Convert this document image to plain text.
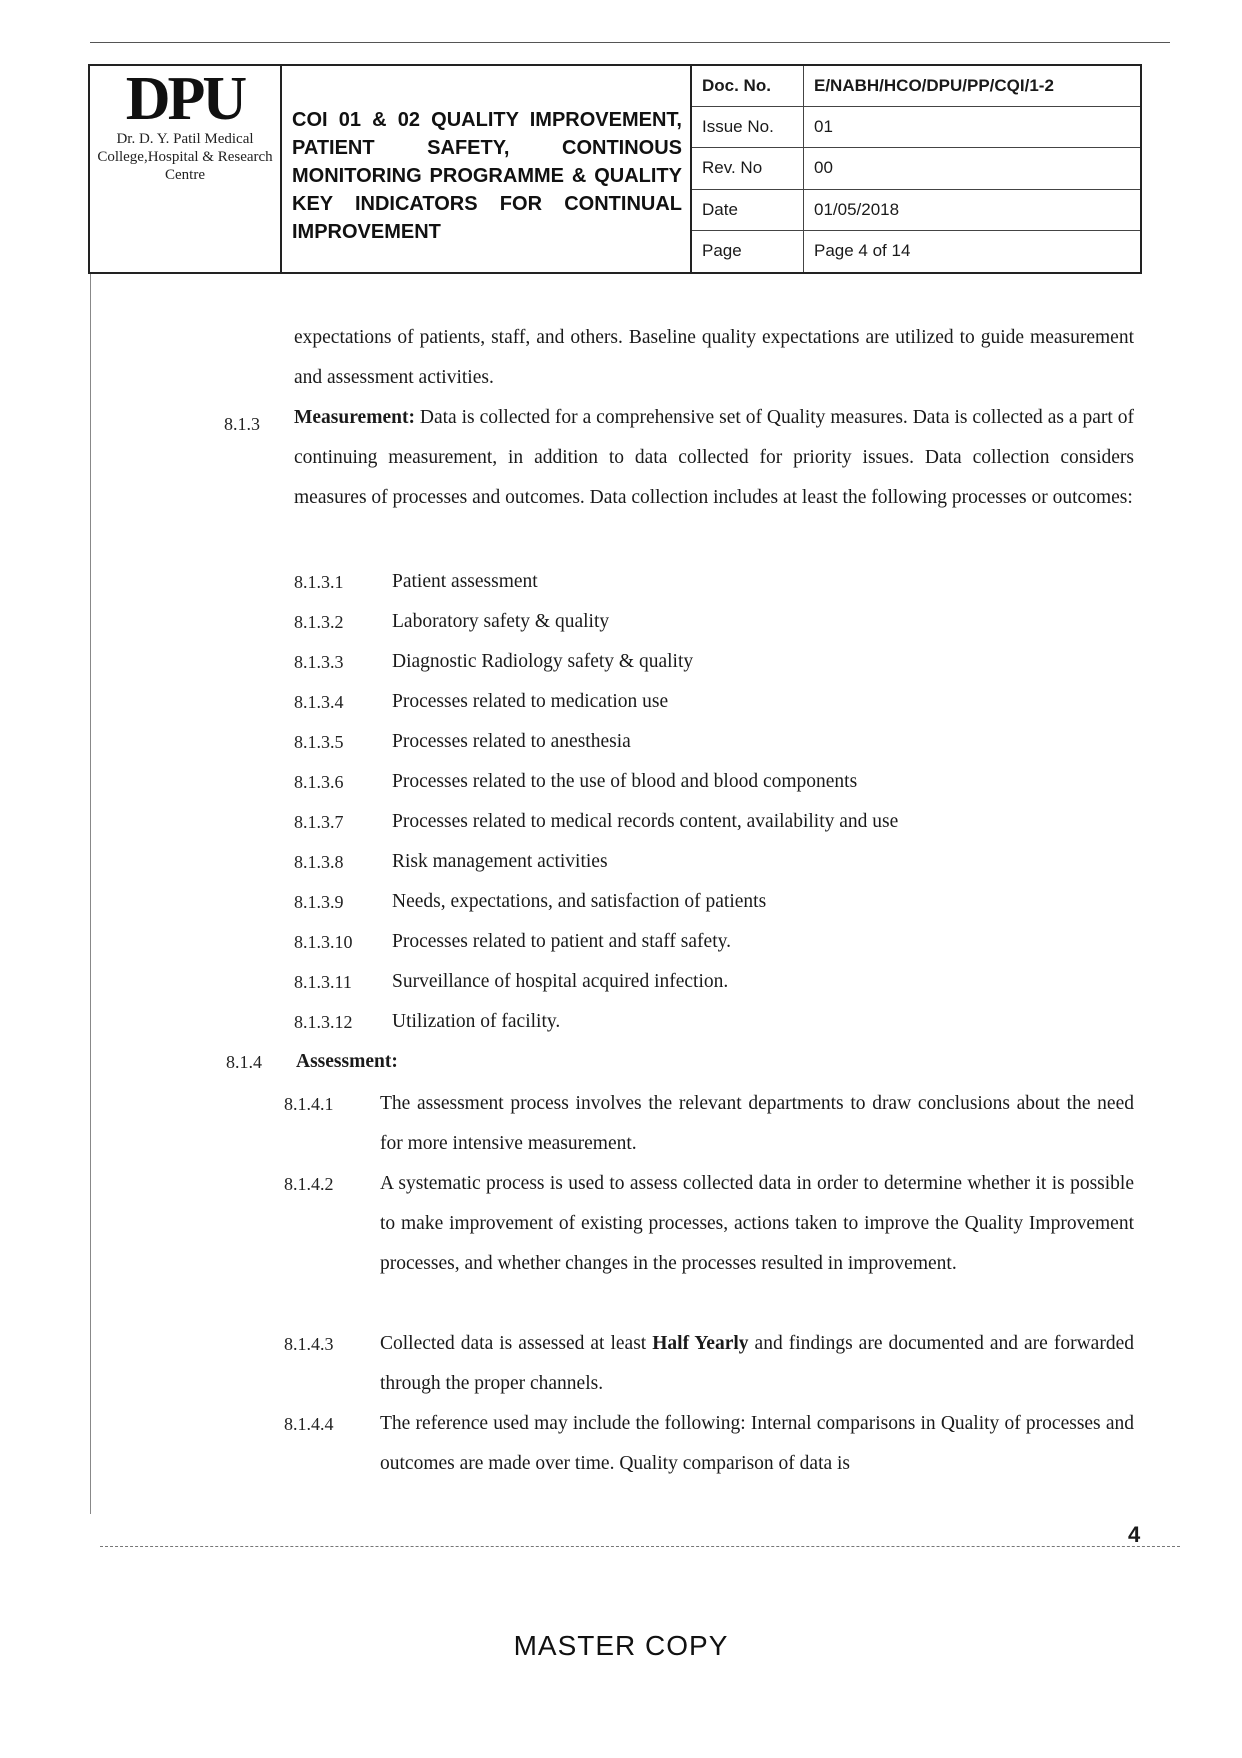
DPU
Dr. D. Y. Patil Medical College,Hospital & Research Centre
COI 01 & 02 QUALITY IMPROVEMENT, PATIENT SAFETY, CONTINOUS MONITORING PROGRAMME & QUALITY KEY INDICATORS FOR CONTINUAL IMPROVEMENT
Doc. No.	E/NABH/HCO/DPU/PP/CQI/1-2
Issue No.	01
Rev. No	00
Date	01/05/2018
Page	Page 4 of 14
expectations of patients, staff, and others. Baseline quality expectations are utilized to guide measurement and assessment activities.
8.1.3 Measurement: Data is collected for a comprehensive set of Quality measures. Data is collected as a part of continuing measurement, in addition to data collected for priority issues. Data collection considers measures of processes and outcomes. Data collection includes at least the following processes or outcomes:
8.1.3.1 Patient assessment
8.1.3.2 Laboratory safety & quality
8.1.3.3 Diagnostic Radiology safety & quality
8.1.3.4 Processes related to medication use
8.1.3.5 Processes related to anesthesia
8.1.3.6 Processes related to the use of blood and blood components
8.1.3.7 Processes related to medical records content, availability and use
8.1.3.8 Risk management activities
8.1.3.9 Needs, expectations, and satisfaction of patients
8.1.3.10 Processes related to patient and staff safety.
8.1.3.11 Surveillance of hospital acquired infection.
8.1.3.12 Utilization of facility.
8.1.4 Assessment:
8.1.4.1 The assessment process involves the relevant departments to draw conclusions about the need for more intensive measurement.
8.1.4.2 A systematic process is used to assess collected data in order to determine whether it is possible to make improvement of existing processes, actions taken to improve the Quality Improvement processes, and whether changes in the processes resulted in improvement.
8.1.4.3 Collected data is assessed at least Half Yearly and findings are documented and are forwarded through the proper channels.
8.1.4.4 The reference used may include the following: Internal comparisons in Quality of processes and outcomes are made over time. Quality comparison of data is
4
MASTER COPY
